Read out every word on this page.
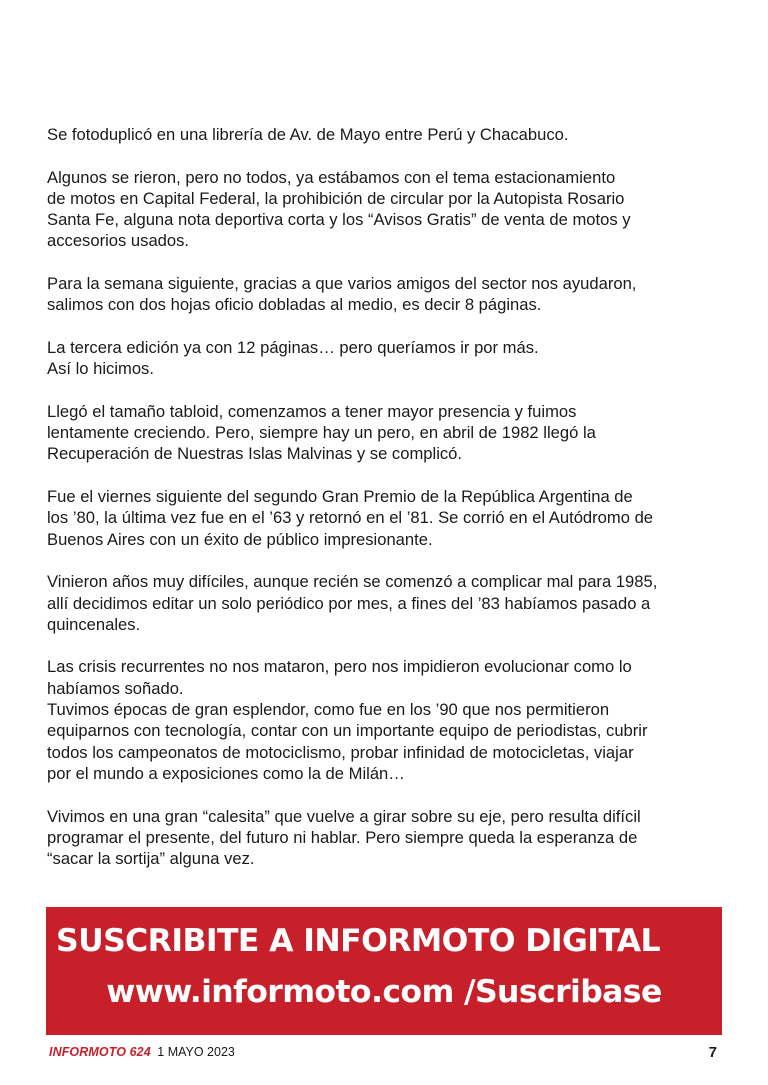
Se fotoduplicó en una librería de Av. de Mayo entre Perú y Chacabuco.

Algunos se rieron, pero no todos, ya estábamos con el tema estacionamiento
de motos en Capital Federal, la prohibición de circular por la Autopista Rosario
Santa Fe, alguna nota deportiva corta y los “Avisos Gratis” de venta de motos y
accesorios usados.

Para la semana siguiente, gracias a que varios amigos del sector nos ayudaron,
salimos con dos hojas oficio dobladas al medio, es decir 8 páginas.

La tercera edición ya con 12 páginas… pero queríamos ir por más.
Así lo hicimos.

Llegó el tamaño tabloid, comenzamos a tener mayor presencia y fuimos
lentamente creciendo. Pero, siempre hay un pero, en abril de 1982 llegó la
Recuperación de Nuestras Islas Malvinas y se complicó.

Fue el viernes siguiente del segundo Gran Premio de la República Argentina de
los ’80, la última vez fue en el ’63 y retornó en el ’81. Se corrió en el Autódromo de
Buenos Aires con un éxito de público impresionante.

Vinieron años muy difíciles, aunque recién se comenzó a complicar mal para 1985,
allí decidimos editar un solo periódico por mes, a fines del ’83 habíamos pasado a
quincenales.

Las crisis recurrentes no nos mataron, pero nos impidieron evolucionar como lo
habíamos soñado.
Tuvimos épocas de gran esplendor, como fue en los ’90 que nos permitieron
equiparnos con tecnología, contar con un importante equipo de periodistas, cubrir
todos los campeonatos de motociclismo, probar infinidad de motocicletas, viajar
por el mundo a exposiciones como la de Milán…

Vivimos en una gran “calesita” que vuelve a girar sobre su eje, pero resulta difícil
programar el presente, del futuro ni hablar. Pero siempre queda la esperanza de
“sacar la sortija” alguna vez.

SUSCRIBITE A INFORMOTO DIGITAL
www.informoto.com /Suscribase
INFORMOTO 624 1 MAYO 2023	7
